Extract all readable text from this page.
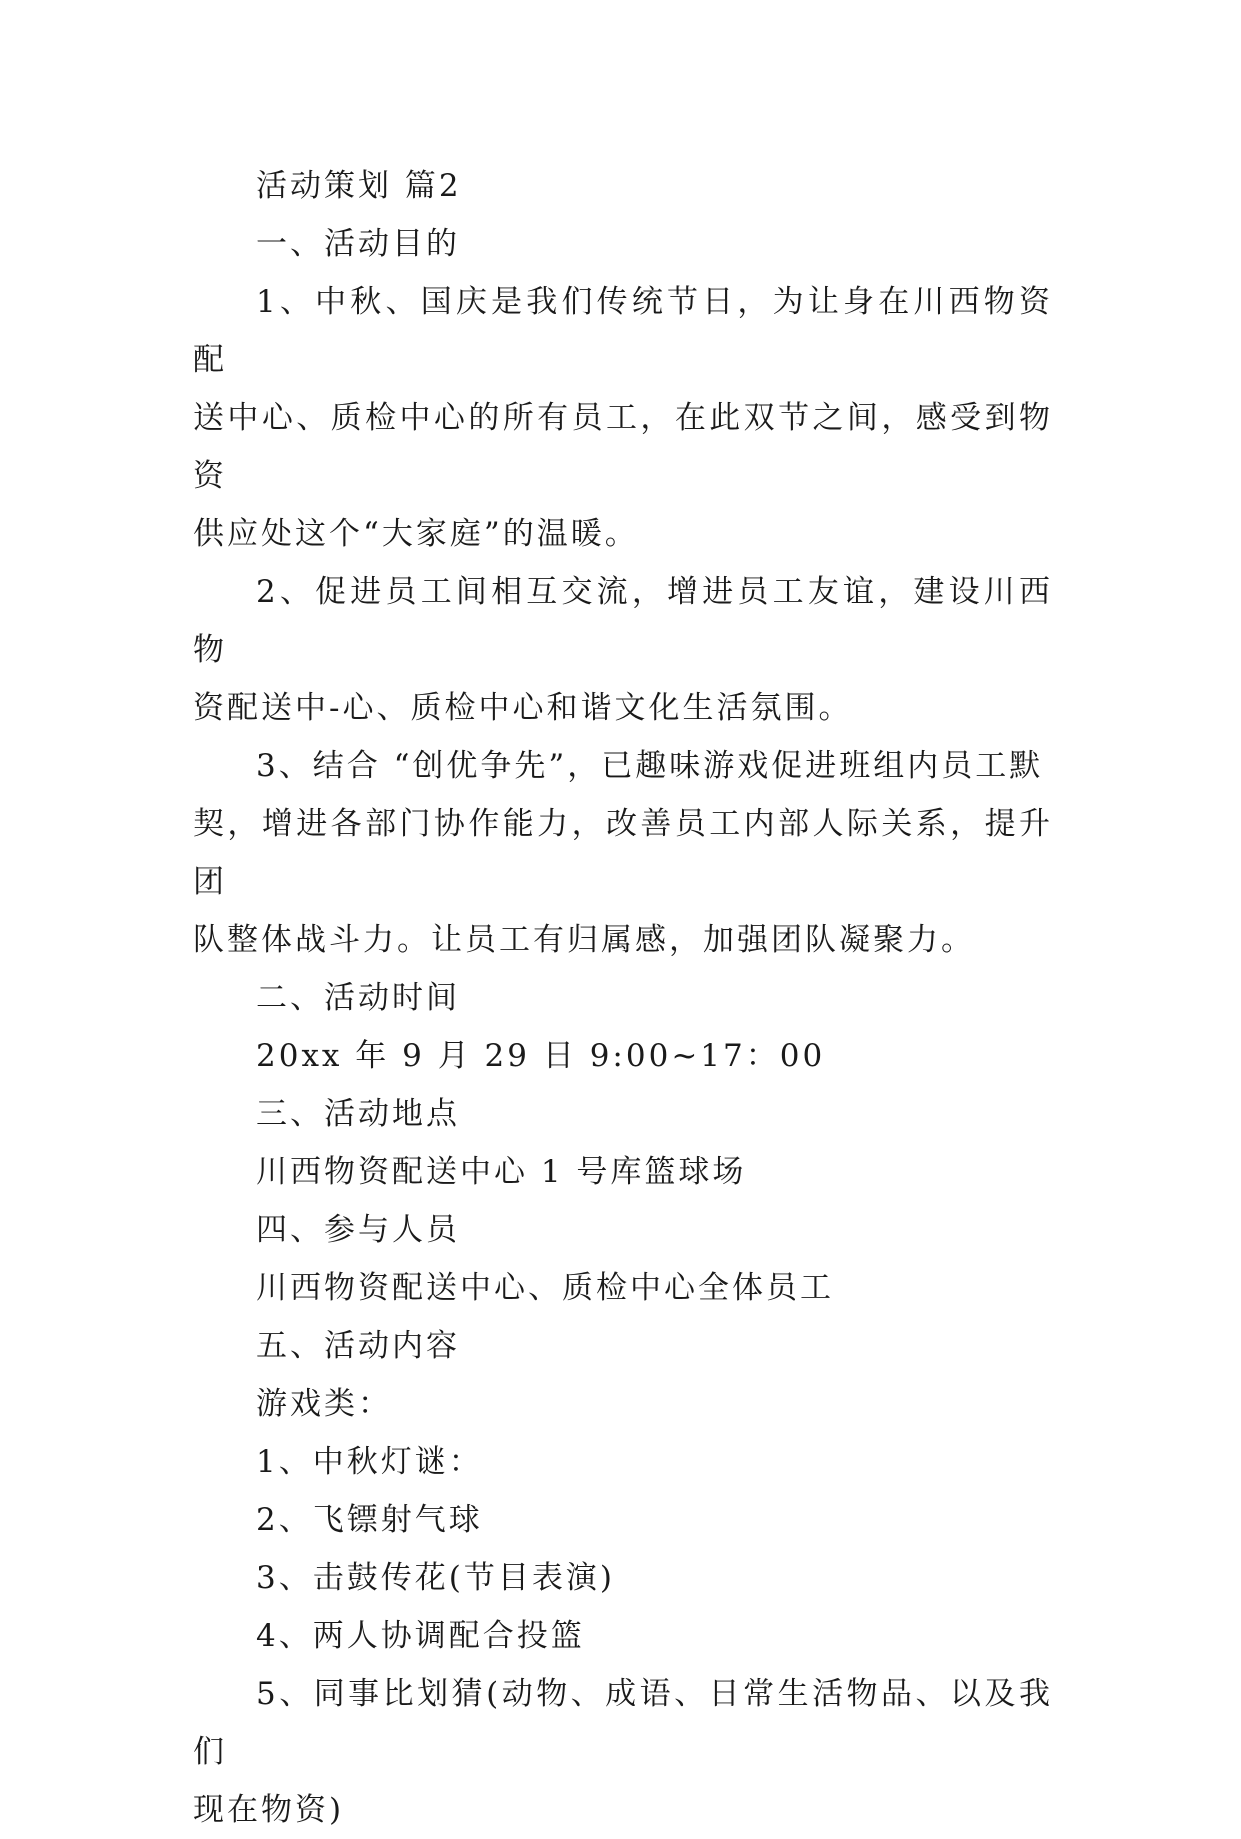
活动策划 篇2

一、活动目的

1、中秋、国庆是我们传统节日，为让身在川西物资配
送中心、质检中心的所有员工，在此双节之间，感受到物资
供应处这个“大家庭”的温暖。

2、促进员工间相互交流，增进员工友谊，建设川西物
资配送中-心、质检中心和谐文化生活氛围。

3、结合 “创优争先”，已趣味游戏促进班组内员工默
契，增进各部门协作能力，改善员工内部人际关系，提升团
队整体战斗力。让员工有归属感，加强团队凝聚力。

二、活动时间

20xx 年 9 月 29 日 9:00~17：00

三、活动地点

川西物资配送中心 1 号库篮球场

四、参与人员

川西物资配送中心、质检中心全体员工

五、活动内容

游戏类：

1、中秋灯谜：

2、飞镖射气球

3、击鼓传花(节目表演)

4、两人协调配合投篮

5、同事比划猜(动物、成语、日常生活物品、以及我们
现在物资)
